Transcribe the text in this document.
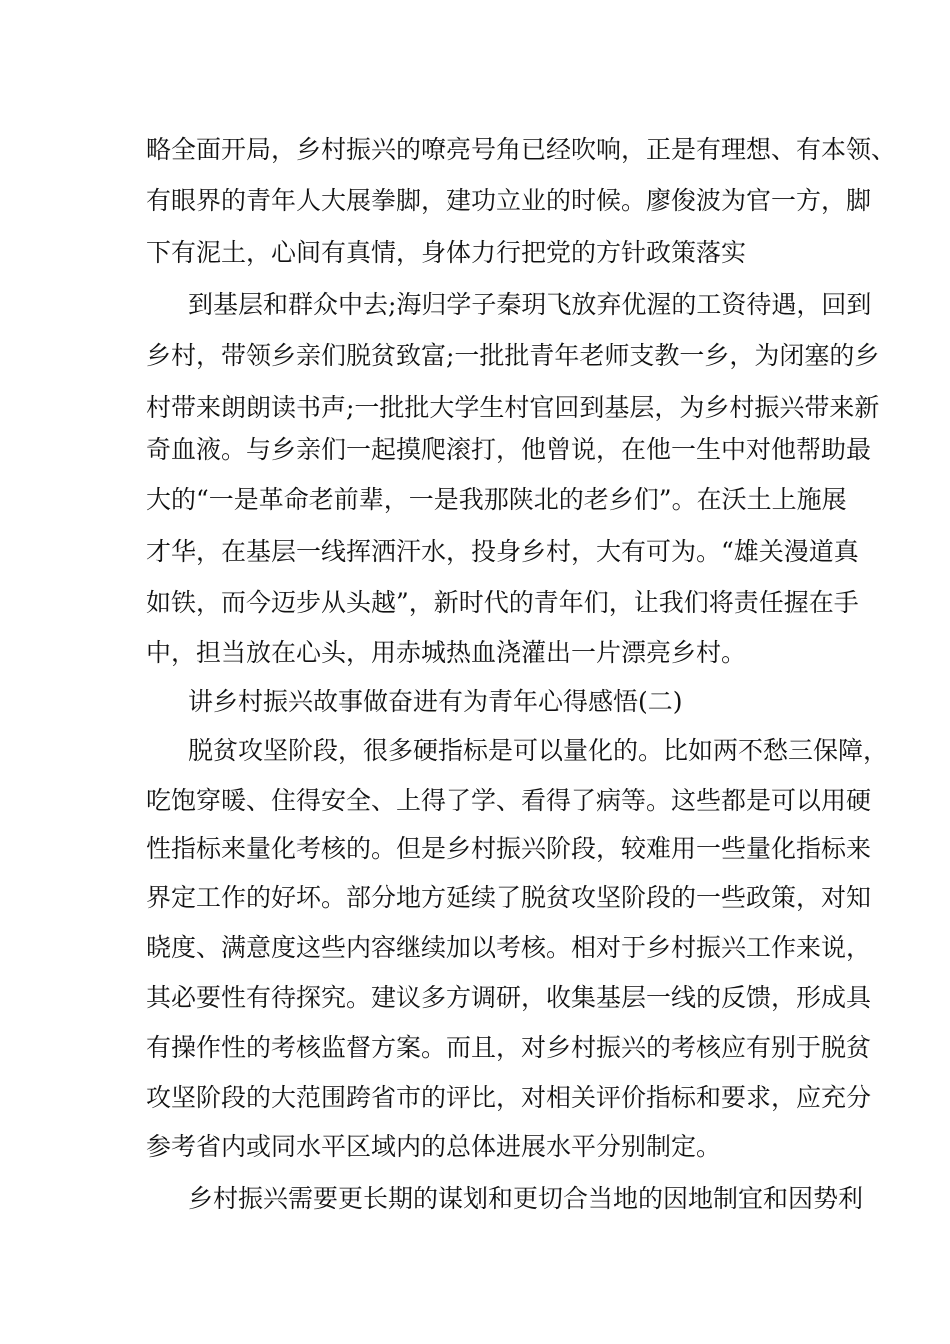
略全面开局，乡村振兴的嘹亮号角已经吹响，正是有理想、有本领、
有眼界的青年人大展拳脚，建功立业的时候。廖俊波为官一方，脚
下有泥土，心间有真情，身体力行把党的方针政策落实
到基层和群众中去;海归学子秦玥飞放弃优渥的工资待遇，回到
乡村，带领乡亲们脱贫致富;一批批青年老师支教一乡，为闭塞的乡
村带来朗朗读书声;一批批大学生村官回到基层，为乡村振兴带来新
奇血液。与乡亲们一起摸爬滚打，他曾说，在他一生中对他帮助最
大的“一是革命老前辈，一是我那陕北的老乡们”。在沃土上施展
才华，在基层一线挥洒汗水，投身乡村，大有可为。“雄关漫道真
如铁，而今迈步从头越”，新时代的青年们，让我们将责任握在手
中，担当放在心头，用赤城热血浇灌出一片漂亮乡村。
讲乡村振兴故事做奋进有为青年心得感悟(二)
脱贫攻坚阶段，很多硬指标是可以量化的。比如两不愁三保障，
吃饱穿暖、住得安全、上得了学、看得了病等。这些都是可以用硬
性指标来量化考核的。但是乡村振兴阶段，较难用一些量化指标来
界定工作的好坏。部分地方延续了脱贫攻坚阶段的一些政策，对知
晓度、满意度这些内容继续加以考核。相对于乡村振兴工作来说，
其必要性有待探究。建议多方调研，收集基层一线的反馈，形成具
有操作性的考核监督方案。而且，对乡村振兴的考核应有别于脱贫
攻坚阶段的大范围跨省市的评比，对相关评价指标和要求，应充分
参考省内或同水平区域内的总体进展水平分别制定。
乡村振兴需要更长期的谋划和更切合当地的因地制宜和因势利
